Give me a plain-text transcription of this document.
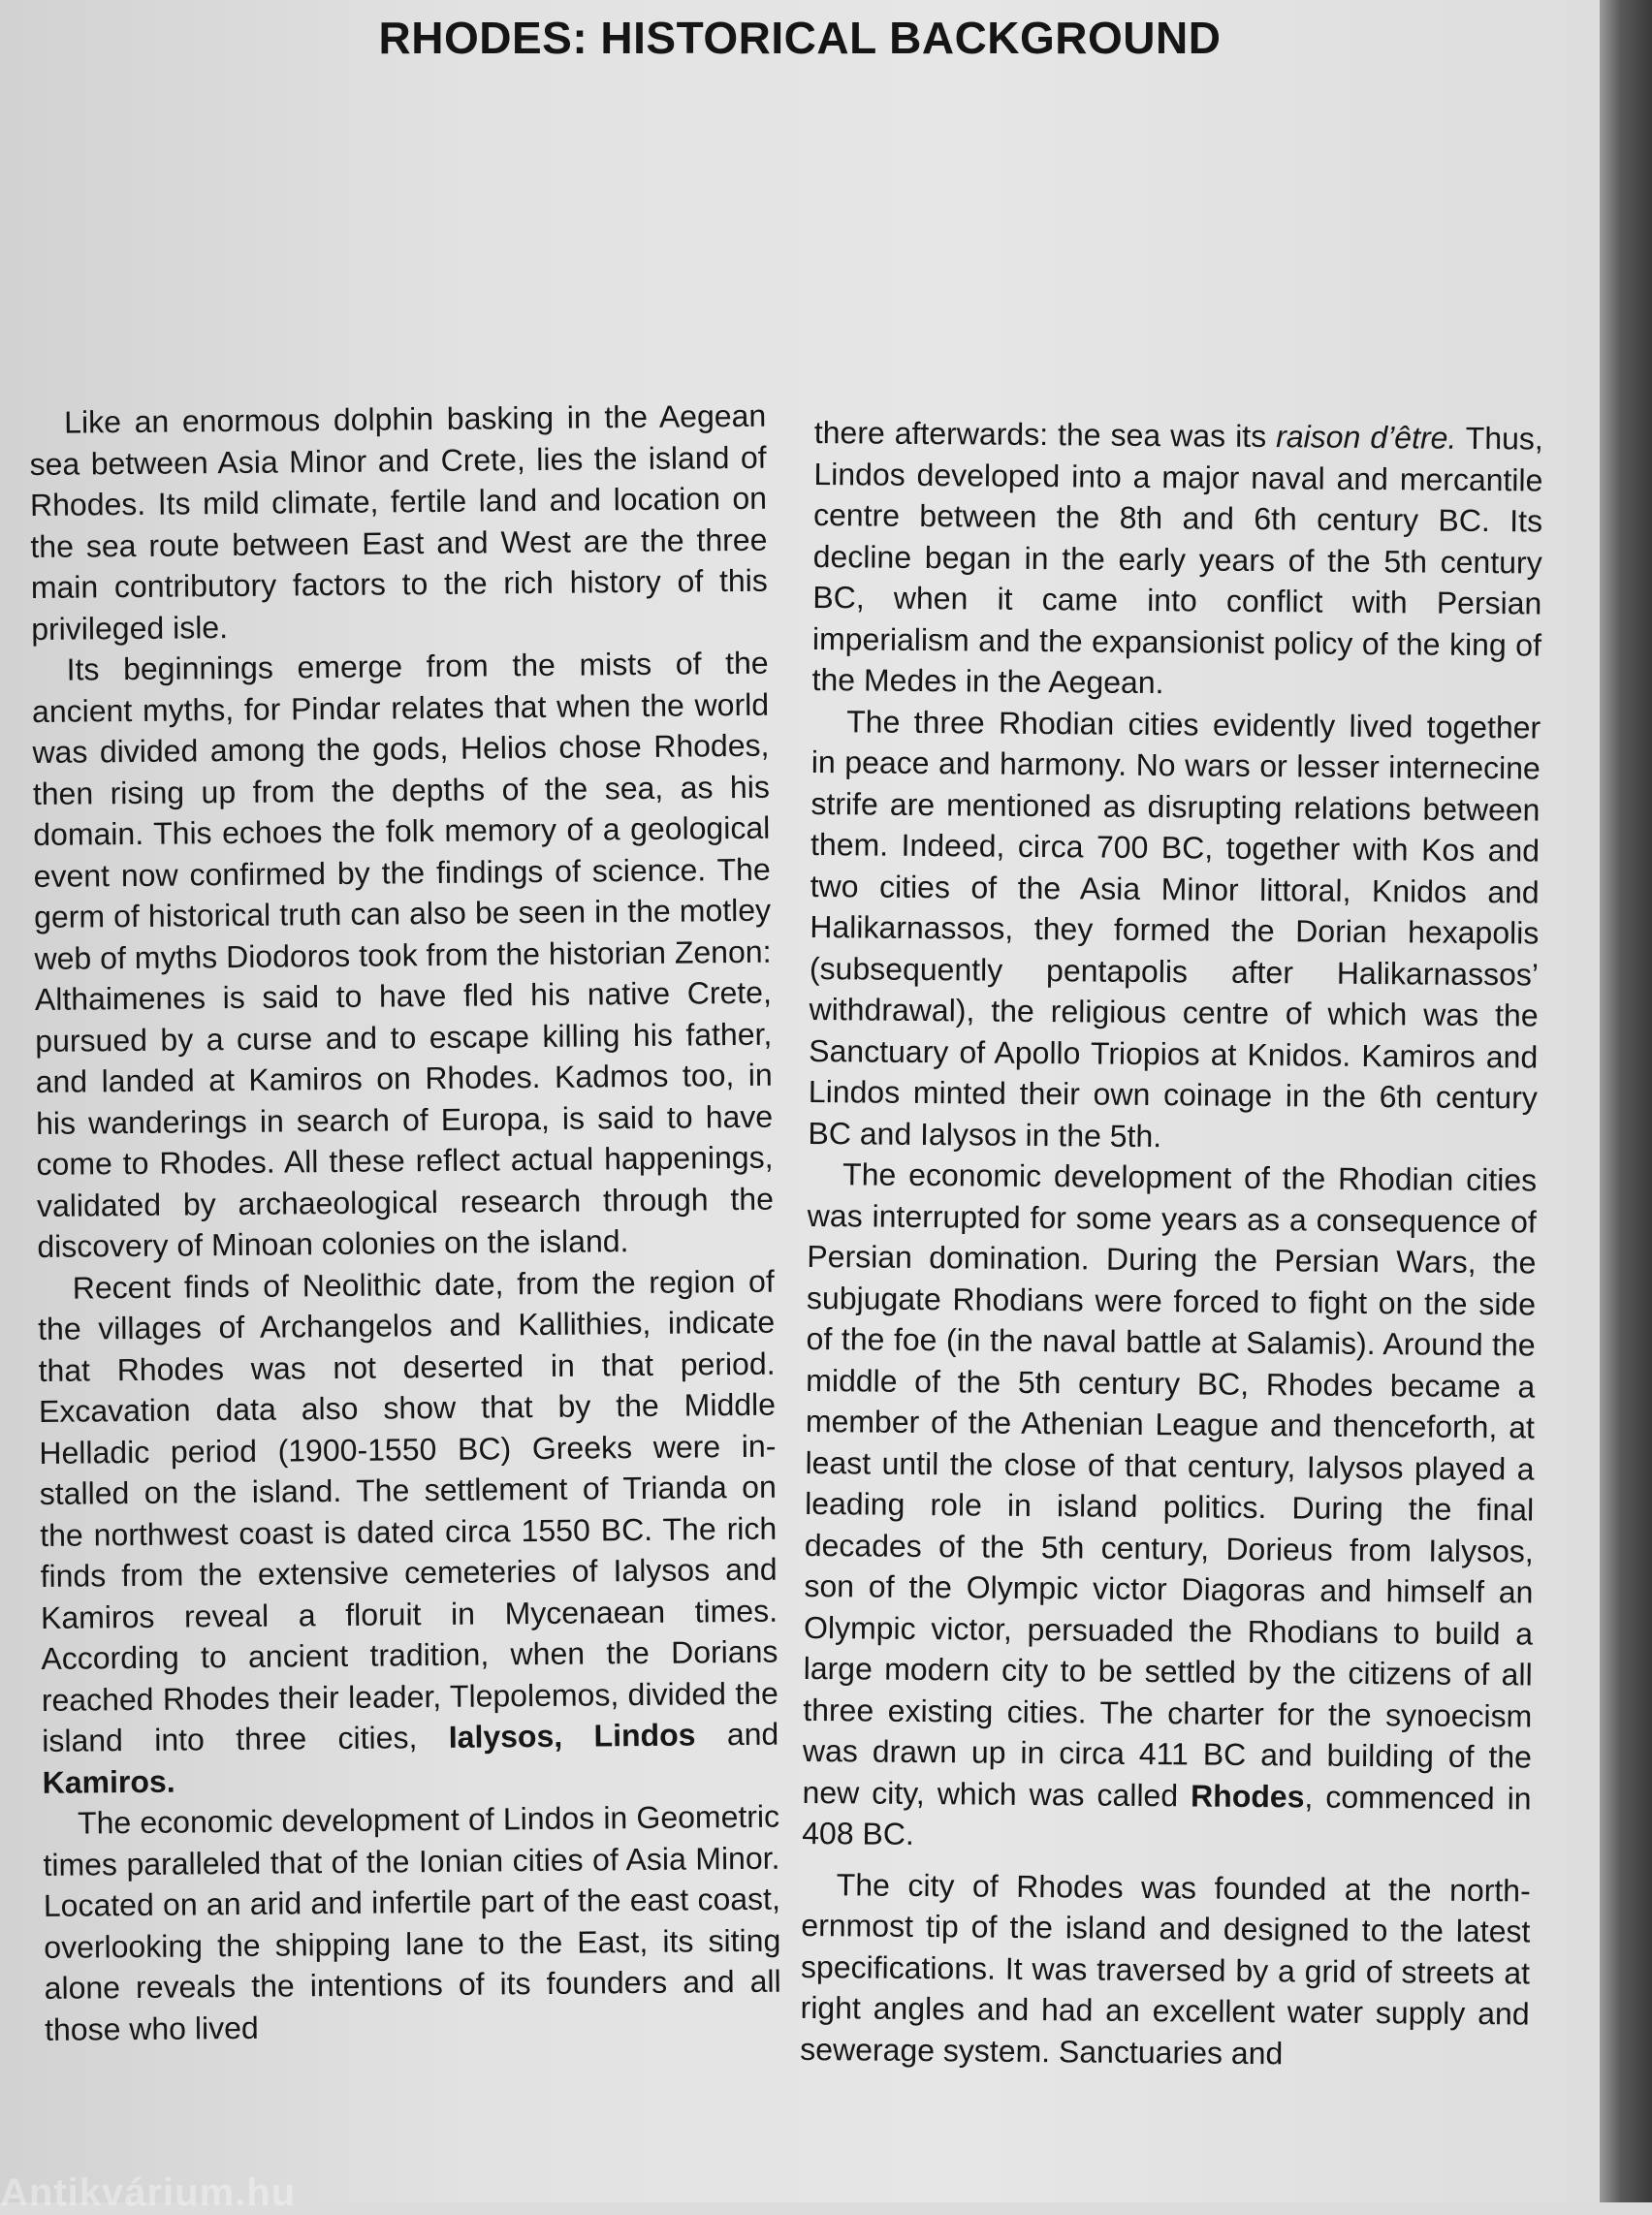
RHODES: HISTORICAL BACKGROUND

Like an enormous dolphin basking in the Aegean sea between Asia Minor and Crete, lies the island of Rhodes. Its mild climate, fertile land and location on the sea route between East and West are the three main contributory factors to the rich history of this privileged isle.

Its beginnings emerge from the mists of the ancient myths, for Pindar relates that when the world was divided among the gods, Helios chose Rhodes, then rising up from the depths of the sea, as his domain. This echoes the folk memory of a geological event now confirmed by the findings of science. The germ of historical truth can also be seen in the motley web of myths Diodoros took from the historian Zenon: Althaimenes is said to have fled his native Crete, pursued by a curse and to escape killing his father, and landed at Kamiros on Rhodes. Kadmos too, in his wanderings in search of Europa, is said to have come to Rhodes. All these reflect actual happenings, validated by archaeological research through the discovery of Minoan colonies on the island.

Recent finds of Neolithic date, from the region of the villages of Archangelos and Kallithies, indicate that Rhodes was not deserted in that period. Excavation data also show that by the Middle Helladic period (1900-1550 BC) Greeks were installed on the island. The settlement of Trianda on the northwest coast is dated circa 1550 BC. The rich finds from the extensive cemeteries of Ialysos and Kamiros reveal a floruit in Mycenaean times. According to ancient tradition, when the Dorians reached Rhodes their leader, Tlepolemos, divided the island into three cities, Ialysos, Lindos and Kamiros.

The economic development of Lindos in Geometric times paralleled that of the Ionian cities of Asia Minor. Located on an arid and infertile part of the east coast, overlooking the shipping lane to the East, its siting alone reveals the intentions of its founders and all those who lived

there afterwards: the sea was its raison d’être. Thus, Lindos developed into a major naval and mercantile centre between the 8th and 6th century BC. Its decline began in the early years of the 5th century BC, when it came into conflict with Persian imperialism and the expansionist policy of the king of the Medes in the Aegean.

The three Rhodian cities evidently lived together in peace and harmony. No wars or lesser internecine strife are mentioned as disrupting relations between them. Indeed, circa 700 BC, together with Kos and two cities of the Asia Minor littoral, Knidos and Halikarnassos, they formed the Dorian hexapolis (subsequently pentapolis after Halikarnassos’ withdrawal), the religious centre of which was the Sanctuary of Apollo Triopios at Knidos. Kamiros and Lindos minted their own coinage in the 6th century BC and Ialysos in the 5th.

The economic development of the Rhodian cities was interrupted for some years as a consequence of Persian domination. During the Persian Wars, the subjugate Rhodians were forced to fight on the side of the foe (in the naval battle at Salamis). Around the middle of the 5th century BC, Rhodes became a member of the Athenian League and thenceforth, at least until the close of that century, Ialysos played a leading role in island politics. During the final decades of the 5th century, Dorieus from Ialysos, son of the Olympic victor Diagoras and himself an Olympic victor, persuaded the Rhodians to build a large modern city to be settled by the citizens of all three existing cities. The charter for the synoecism was drawn up in circa 411 BC and building of the new city, which was called Rhodes, commenced in 408 BC.

The city of Rhodes was founded at the northernmost tip of the island and designed to the latest specifications. It was traversed by a grid of streets at right angles and had an excellent water supply and sewerage system. Sanctuaries and

Antikvárium.hu
